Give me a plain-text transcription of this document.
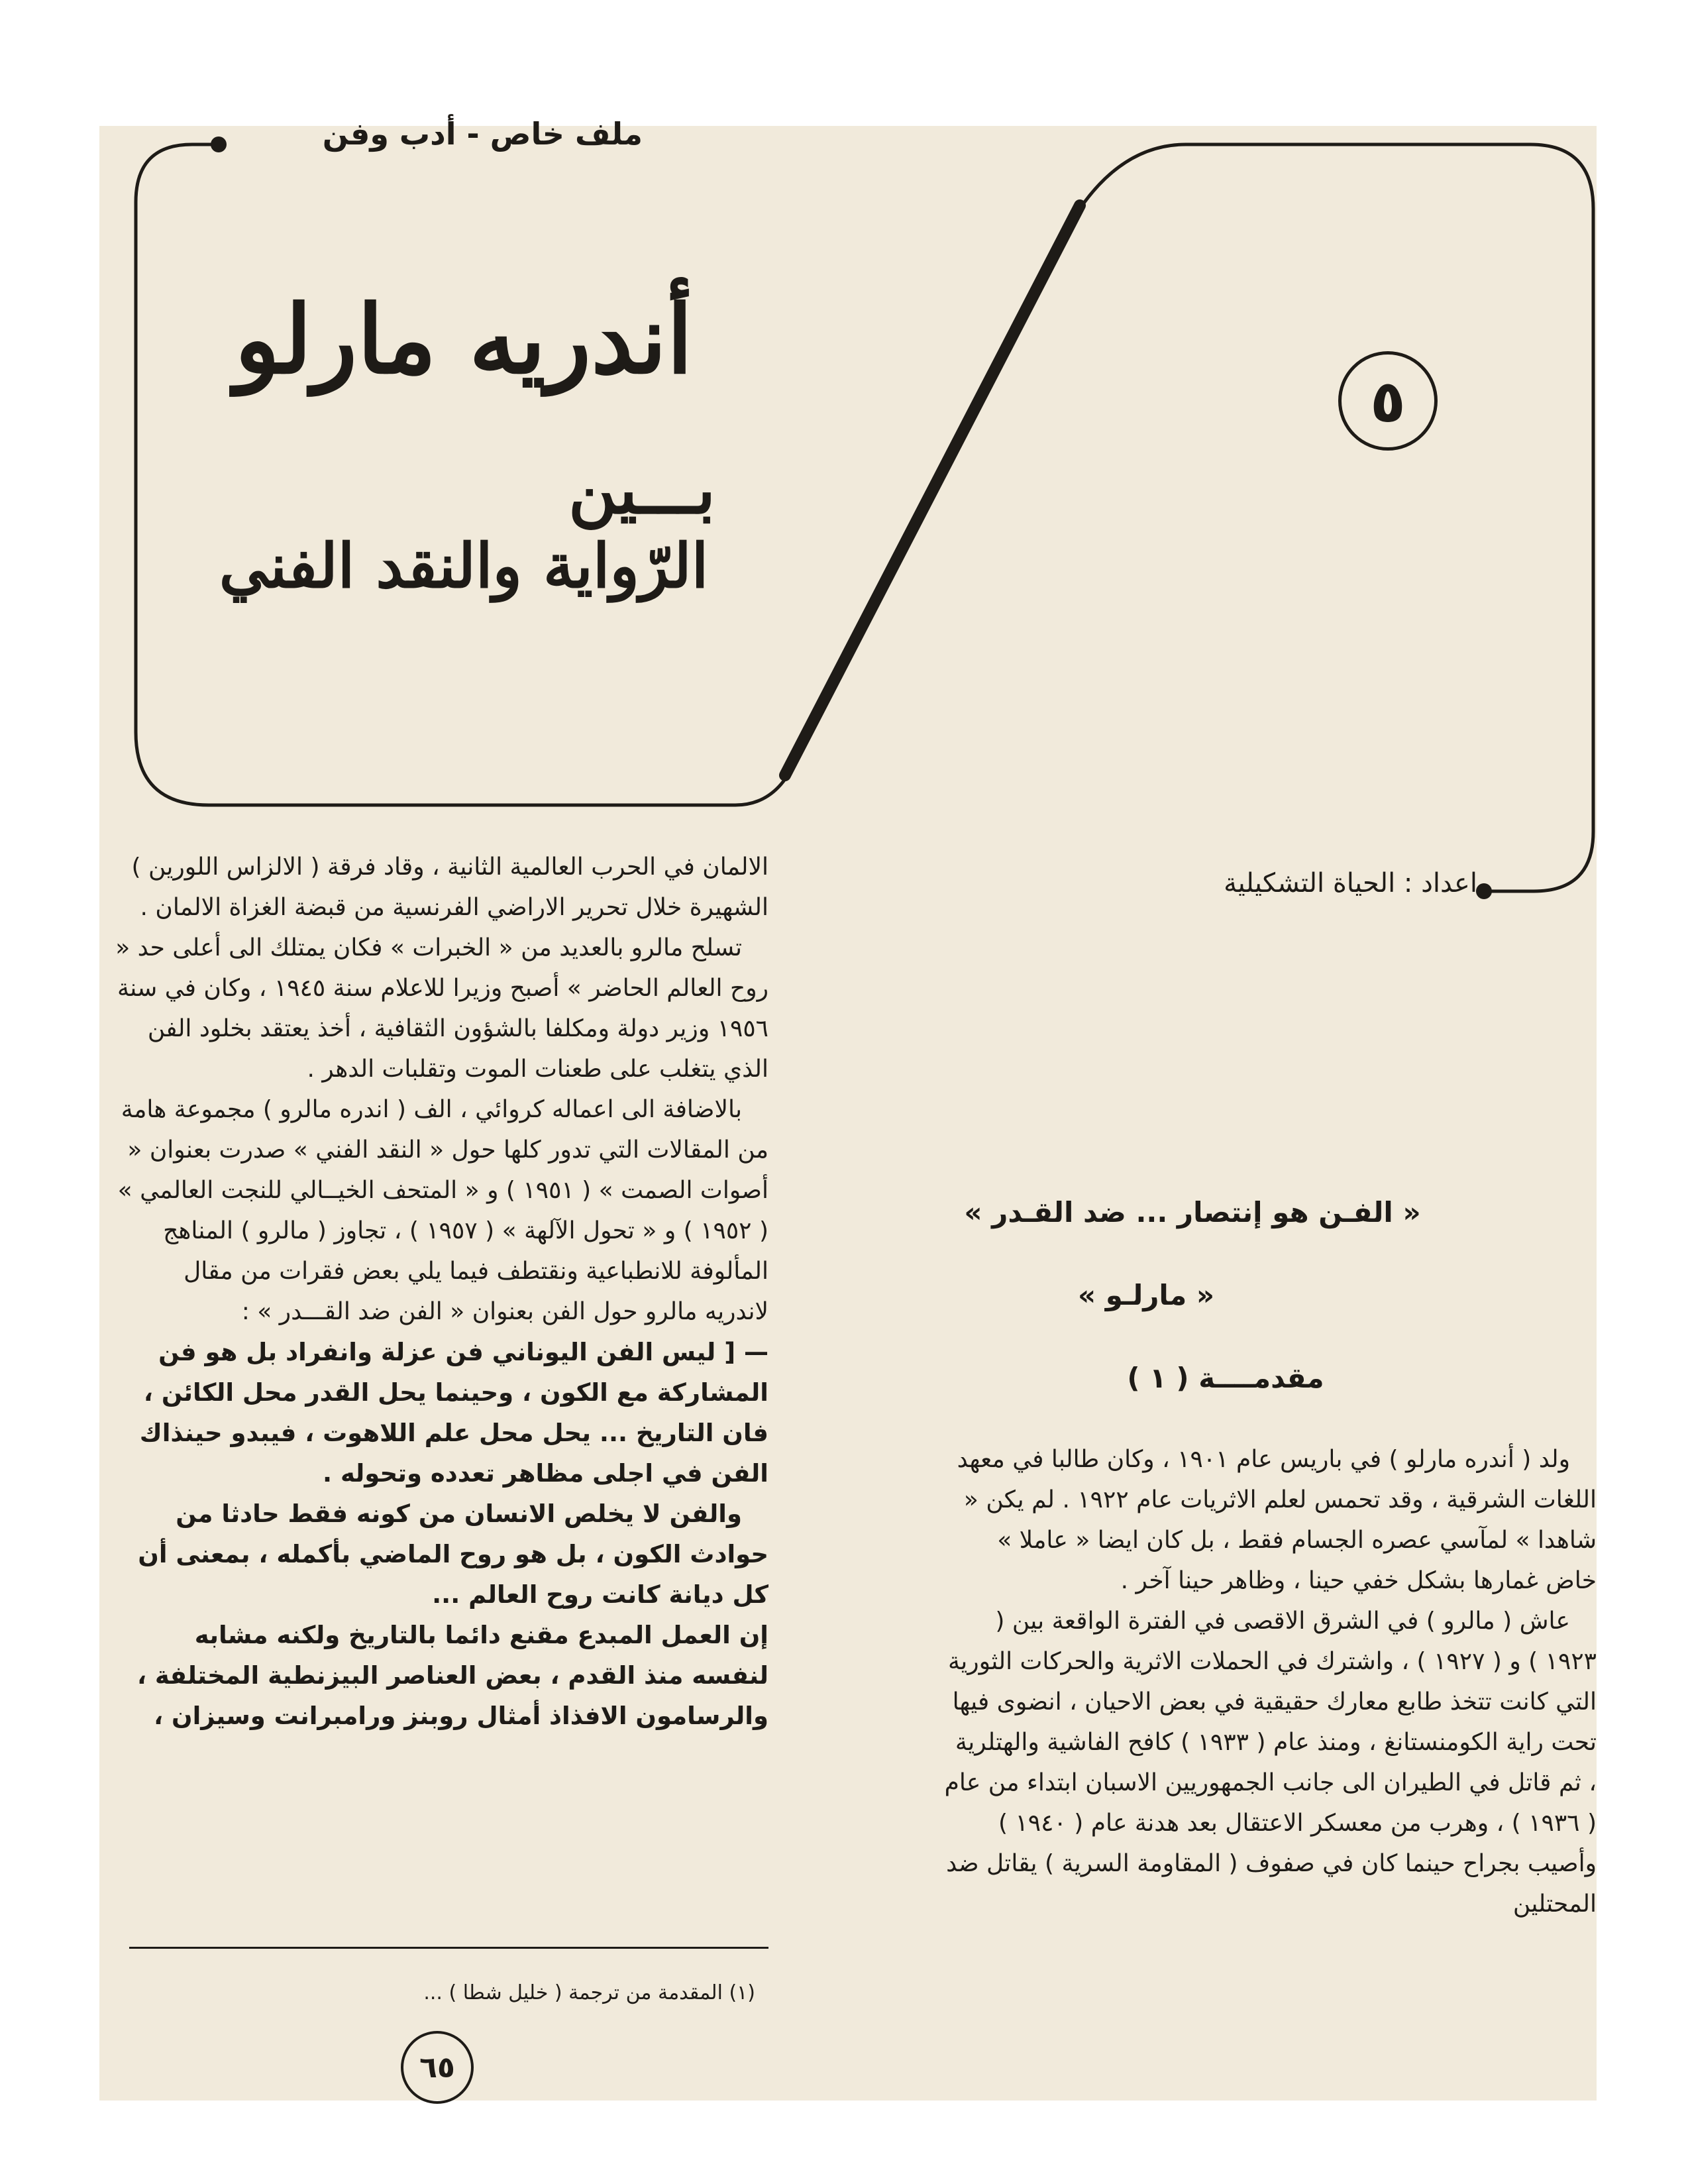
ملف خاص - أدب وفن
أندريه مارلو
بـــين
الرّواية والنقد الفني
٥
اعداد : الحياة التشكيلية

الالمان في الحرب العالمية الثانية ، وقاد فرقة ( الالزاس اللورين ) الشهيرة خلال تحرير الاراضي الفرنسية من قبضة الغزاة الالمان .

تسلح مالرو بالعديد من « الخبرات » فكان يمتلك الى أعلى حد « روح العالم الحاضر » أصبح وزيرا للاعلام سنة ١٩٤٥ ، وكان في سنة ١٩٥٦ وزير دولة ومكلفا بالشؤون الثقافية ، أخذ يعتقد بخلود الفن الذي يتغلب على طعنات الموت وتقلبات الدهر .

بالاضافة الى اعماله كروائي ، الف ( اندره مالرو ) مجموعة هامة من المقالات التي تدور كلها حول « النقد الفني » صدرت بعنوان « أصوات الصمت » ( ١٩٥١ ) و « المتحف الخيــالي للنجت العالمي » ( ١٩٥٢ ) و « تحول الآلهة » ( ١٩٥٧ ) ، تجاوز ( مالرو ) المناهج المألوفة للانطباعية ونقتطف فيما يلي بعض فقرات من مقال لاندريه مالرو حول الفن بعنوان « الفن ضد القـــدر » :

— [ ليس الفن اليوناني فن عزلة وانفراد بل هو فن المشاركة مع الكون ، وحينما يحل القدر محل الكائن ، فان التاريخ ... يحل محل علم اللاهوت ، فيبدو حينذاك الفن في اجلى مظاهر تعدده وتحوله .

والفن لا يخلص الانسان من كونه فقط حادثا من حوادث الكون ، بل هو روح الماضي بأكمله ، بمعنى أن كل ديانة كانت روح العالم ...

إن العمل المبدع مقنع دائما بالتاريخ ولكنه مشابه لنفسه منذ القدم ، بعض العناصر البيزنطية المختلفة ، والرسامون الافذاذ أمثال روبنز ورامبرانت وسيزان ،

« الفـن هو إنتصار ... ضد القـدر »
« مارلـو »
مقدمــــة ( ١ )

ولد ( أندره مارلو ) في باريس عام ١٩٠١ ، وكان طالبا في معهد اللغات الشرقية ، وقد تحمس لعلم الاثريات عام ١٩٢٢ . لم يكن « شاهدا » لمآسي عصره الجسام فقط ، بل كان ايضا « عاملا » خاض غمارها بشكل خفي حينا ، وظاهر حينا آخر .

عاش ( مالرو ) في الشرق الاقصى في الفترة الواقعة بين ( ١٩٢٣ ) و ( ١٩٢٧ ) ، واشترك في الحملات الاثرية والحركات الثورية التي كانت تتخذ طابع معارك حقيقية في بعض الاحيان ، انضوى فيها تحت راية الكومنستانغ ، ومنذ عام ( ١٩٣٣ ) كافح الفاشية والهتلرية ، ثم قاتل في الطيران الى جانب الجمهوريين الاسبان ابتداء من عام ( ١٩٣٦ ) ، وهرب من معسكر الاعتقال بعد هدنة عام ( ١٩٤٠ ) وأصيب بجراح حينما كان في صفوف ( المقاومة السرية ) يقاتل ضد المحتلين

(١) المقدمة من ترجمة ( خليل شطا ) ...
٦٥
